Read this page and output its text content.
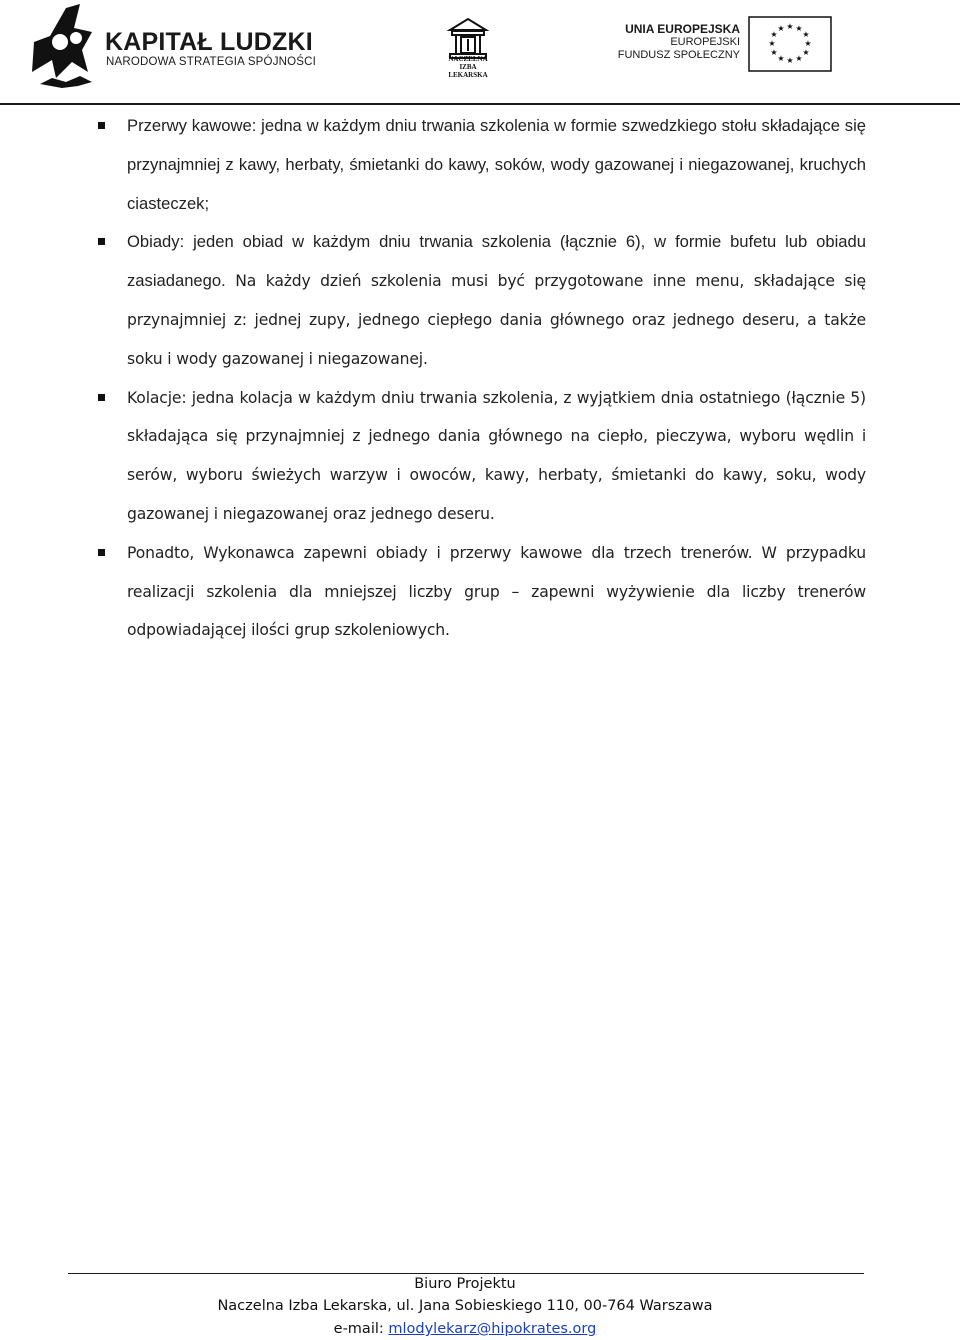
KAPITAŁ LUDZKI
NARODOWA STRATEGIA SPÓJNOŚCI	NACZELNA
IZBA LEKARSKA
UNIA EUROPEJSKA
EUROPEJSKI
FUNDUSZ SPOŁECZNY
★ ★
★
★
★
★
★
★
★
★
★
★

Przerwy kawowe: jedna w każdym dniu trwania szkolenia w formie szwedzkiego stołu składające się przynajmniej z kawy, herbaty, śmietanki do kawy, soków, wody gazowanej i niegazowanej, kruchych ciasteczek;

Obiady: jeden obiad w każdym dniu trwania szkolenia (łącznie 6), w formie bufetu lub obiadu zasiadanego. Na każdy dzień szkolenia musi być przygotowane inne menu, składające się przynajmniej z: jednej zupy, jednego ciepłego dania głównego oraz jednego deseru, a także soku i wody gazowanej i niegazowanej.

Kolacje: jedna kolacja w każdym dniu trwania szkolenia, z wyjątkiem dnia ostatniego (łącznie 5) składająca się przynajmniej z jednego dania głównego na ciepło, pieczywa, wyboru wędlin i serów, wyboru świeżych warzyw i owoców, kawy, herbaty, śmietanki do kawy, soku, wody gazowanej i niegazowanej oraz jednego deseru.

Ponadto, Wykonawca zapewni obiady i przerwy kawowe dla trzech trenerów. W przypadku realizacji szkolenia dla mniejszej liczby grup – zapewni wyżywienie dla liczby trenerów odpowiadającej ilości grup szkoleniowych.

Biuro Projektu
Naczelna Izba Lekarska, ul. Jana Sobieskiego 110, 00-764 Warszawa
e-mail: mlodylekarz@hipokrates.org
